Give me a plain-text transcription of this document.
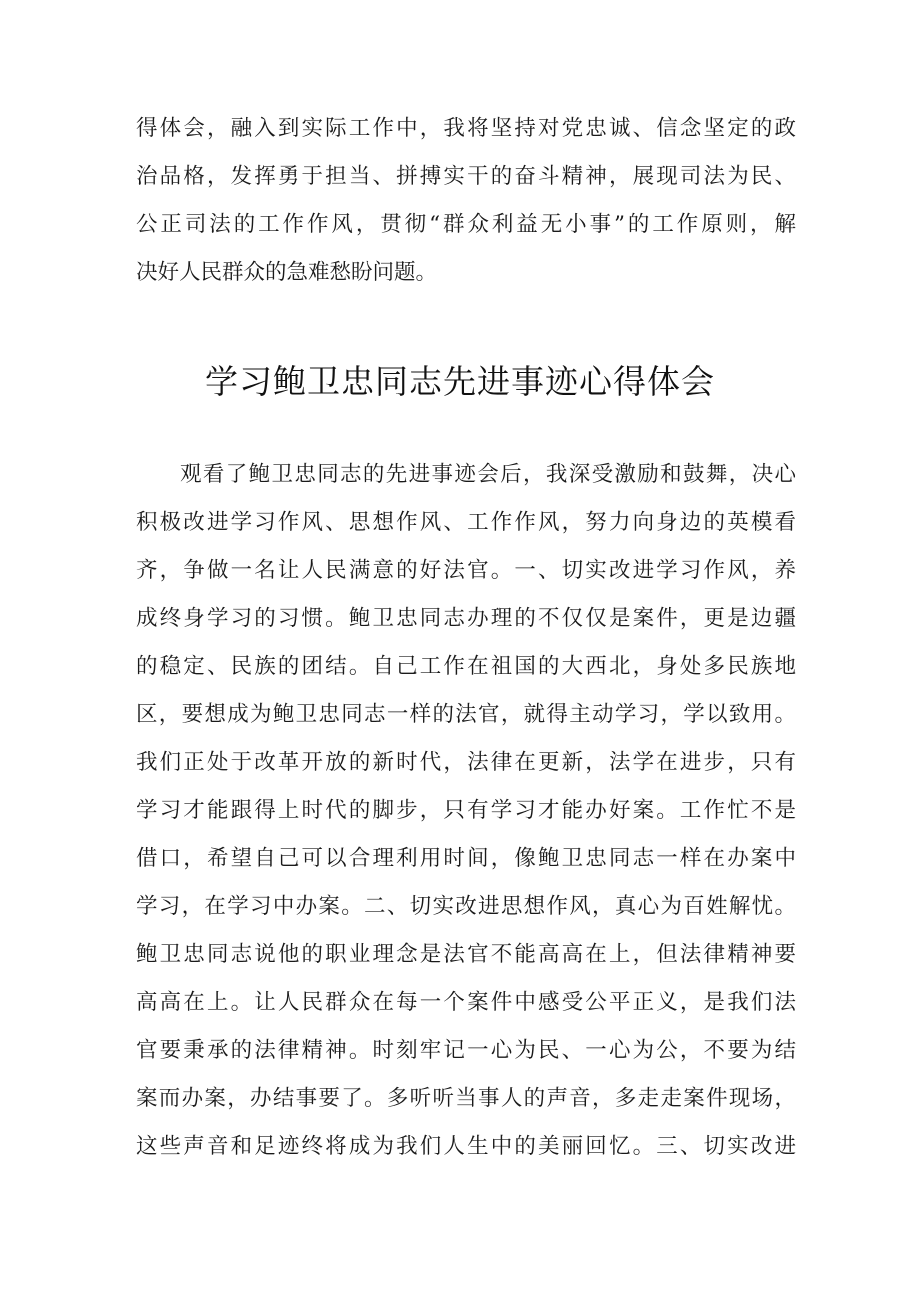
得体会，融入到实际工作中，我将坚持对党忠诚、信念坚定的政
治品格，发挥勇于担当、拼搏实干的奋斗精神，展现司法为民、
公正司法的工作作风，贯彻“群众利益无小事”的工作原则，解
决好人民群众的急难愁盼问题。
学习鲍卫忠同志先进事迹心得体会
观看了鲍卫忠同志的先进事迹会后，我深受激励和鼓舞，决心
积极改进学习作风、思想作风、工作作风，努力向身边的英模看
齐，争做一名让人民满意的好法官。一、切实改进学习作风，养
成终身学习的习惯。鲍卫忠同志办理的不仅仅是案件，更是边疆
的稳定、民族的团结。自己工作在祖国的大西北，身处多民族地
区，要想成为鲍卫忠同志一样的法官，就得主动学习，学以致用。
我们正处于改革开放的新时代，法律在更新，法学在进步，只有
学习才能跟得上时代的脚步，只有学习才能办好案。工作忙不是
借口，希望自己可以合理利用时间，像鲍卫忠同志一样在办案中
学习，在学习中办案。二、切实改进思想作风，真心为百姓解忧。
鲍卫忠同志说他的职业理念是法官不能高高在上，但法律精神要
高高在上。让人民群众在每一个案件中感受公平正义，是我们法
官要秉承的法律精神。时刻牢记一心为民、一心为公，不要为结
案而办案，办结事要了。多听听当事人的声音，多走走案件现场，
这些声音和足迹终将成为我们人生中的美丽回忆。三、切实改进
